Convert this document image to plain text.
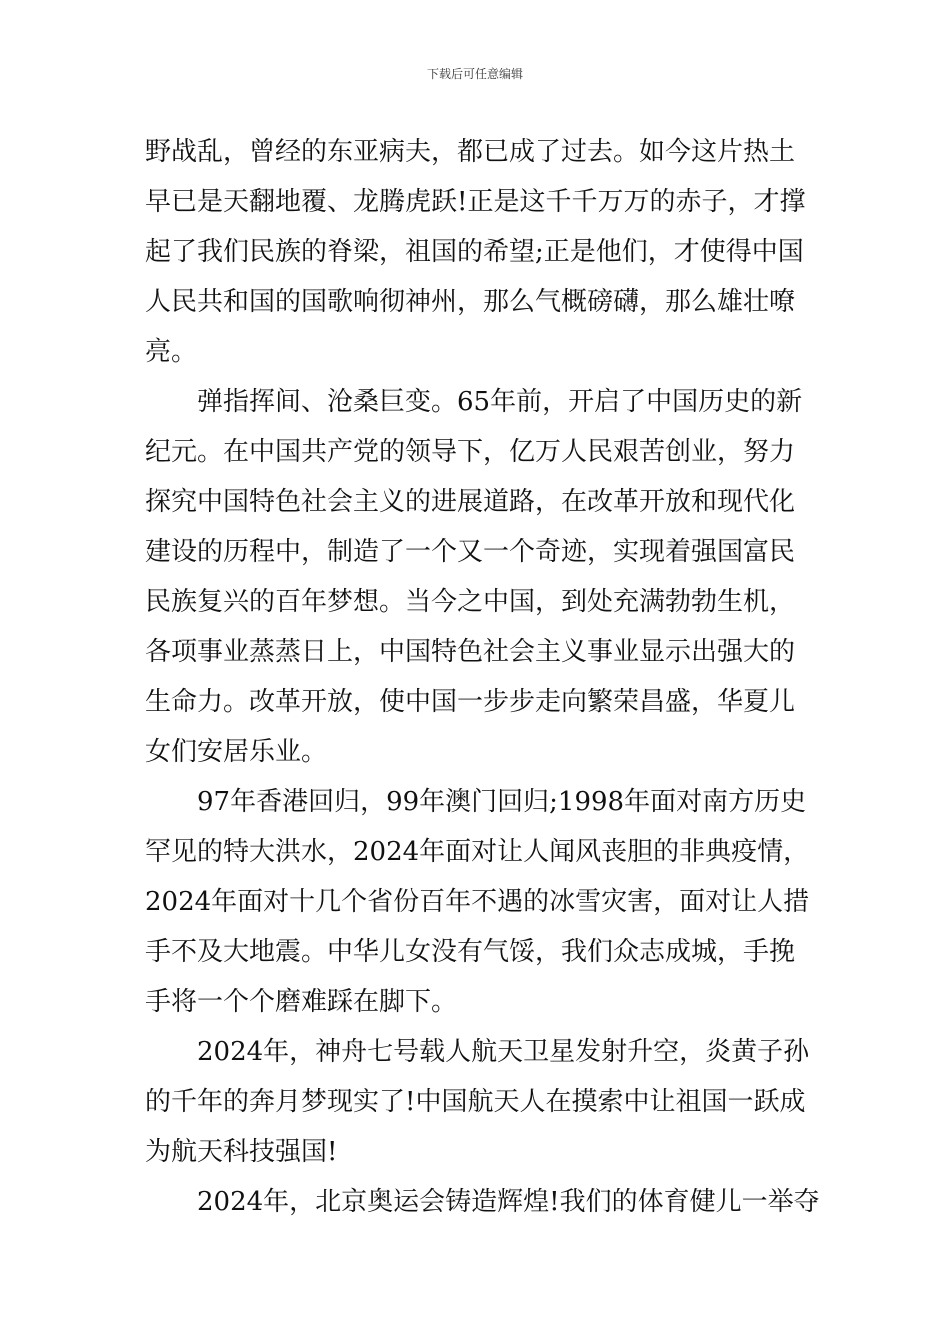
下载后可任意编辑
野战乱，曾经的东亚病夫，都已成了过去。如今这片热土
早已是天翻地覆、龙腾虎跃!正是这千千万万的赤子，才撑
起了我们民族的脊梁，祖国的希望;正是他们，才使得中国
人民共和国的国歌响彻神州，那么气概磅礴，那么雄壮嘹
亮。
弹指挥间、沧桑巨变。65年前，开启了中国历史的新
纪元。在中国共产党的领导下，亿万人民艰苦创业，努力
探究中国特色社会主义的进展道路，在改革开放和现代化
建设的历程中，制造了一个又一个奇迹，实现着强国富民
民族复兴的百年梦想。当今之中国，到处充满勃勃生机，
各项事业蒸蒸日上，中国特色社会主义事业显示出强大的
生命力。改革开放，使中国一步步走向繁荣昌盛，华夏儿
女们安居乐业。
97年香港回归，99年澳门回归;1998年面对南方历史
罕见的特大洪水，2024年面对让人闻风丧胆的非典疫情，
2024年面对十几个省份百年不遇的冰雪灾害，面对让人措
手不及大地震。中华儿女没有气馁，我们众志成城，手挽
手将一个个磨难踩在脚下。
2024年，神舟七号载人航天卫星发射升空，炎黄子孙
的千年的奔月梦现实了!中国航天人在摸索中让祖国一跃成
为航天科技强国!
2024年，北京奥运会铸造辉煌!我们的体育健儿一举夺
